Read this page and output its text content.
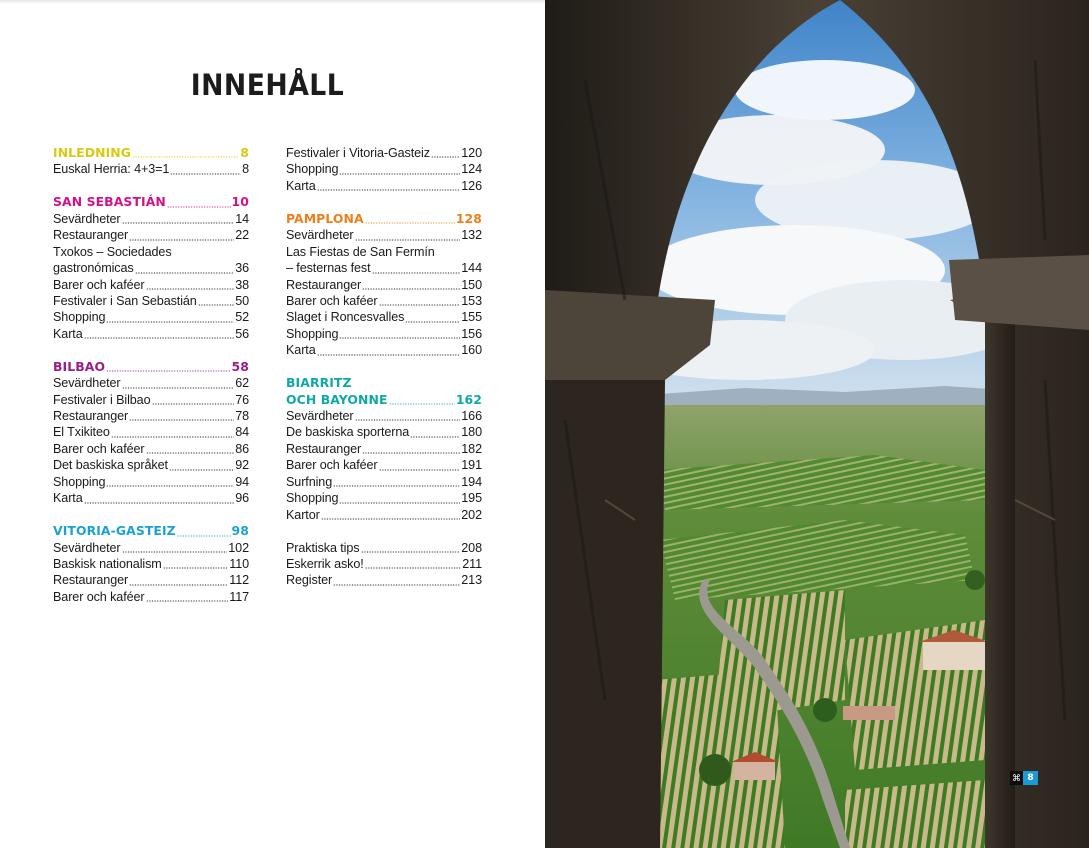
INNEHÅLL
INLEDNING	8
Euskal Herria: 4+3=1	8
SAN SEBASTIÁN	10
Sevärdheter	14
Restauranger	22
Txokos – Sociedades
gastronómicas	36
Barer och kaféer	38
Festivaler i San Sebastián	50
Shopping	52
Karta	56
BILBAO	58
Sevärdheter	62
Festivaler i Bilbao	76
Restauranger	78
El Txikiteo	84
Barer och kaféer	86
Det baskiska språket	92
Shopping	94
Karta	96
VITORIA-GASTEIZ	98
Sevärdheter	102
Baskisk nationalism	110
Restauranger	112
Barer och kaféer	117
Festivaler i Vitoria-Gasteiz 120
Shopping	124
Karta	126
PAMPLONA	128
Sevärdheter	132
Las Fiestas de San Fermín
– festernas fest	144
Restauranger	150
Barer och kaféer	153
Slaget i Roncesvalles	155
Shopping	156
Karta	160
BIARRITZ
OCH BAYONNE	162
Sevärdheter	166
De baskiska sporterna	180
Restauranger	182
Barer och kaféer	191
Surfning	194
Shopping	195
Kartor	202
Praktiska tips	208
Eskerrik asko!	211
Register	213
⌘ 8
